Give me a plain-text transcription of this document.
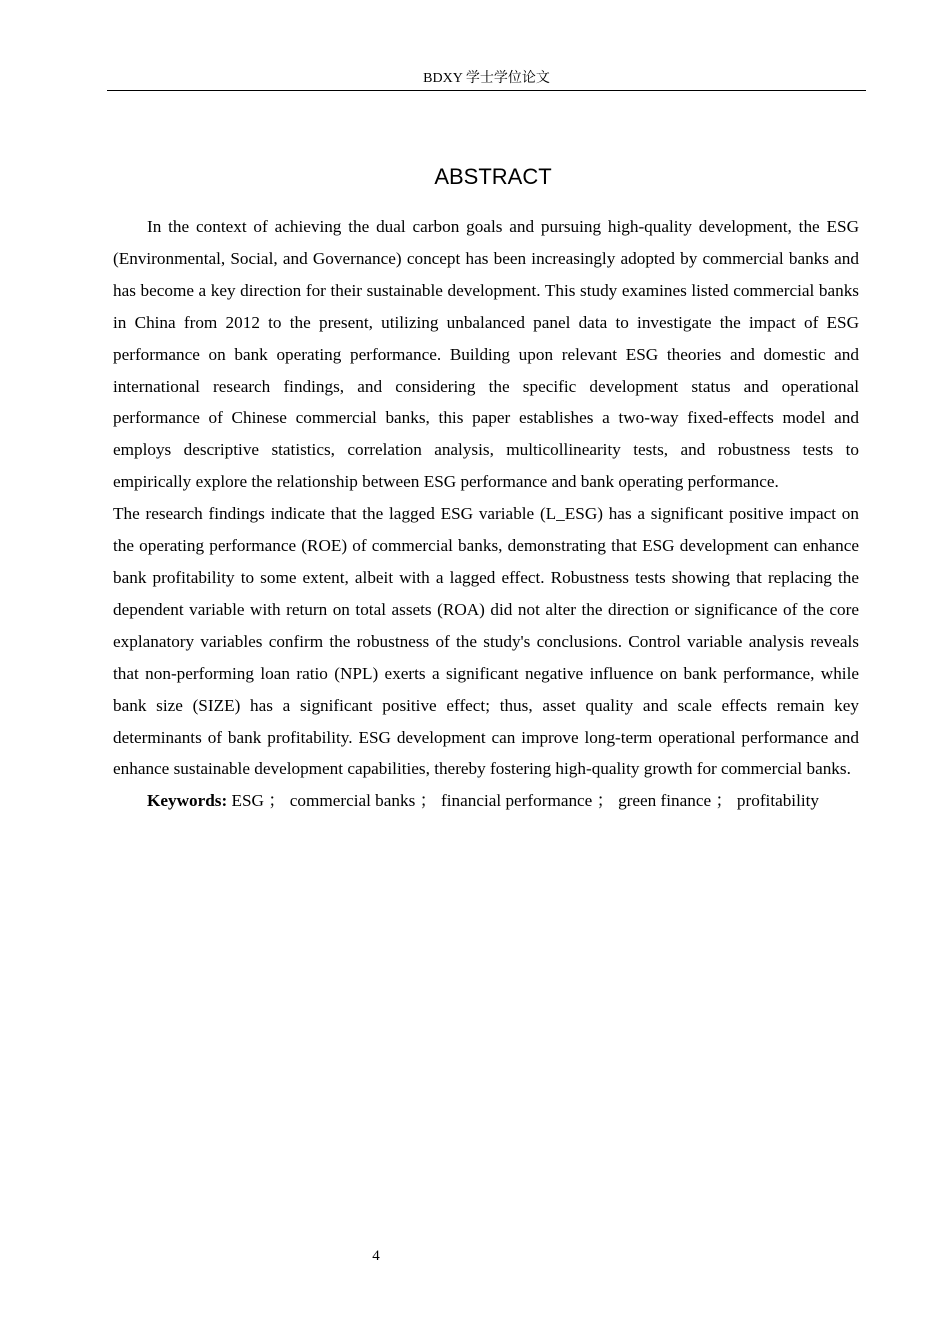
BDXY 学士学位论文
ABSTRACT

In the context of achieving the dual carbon goals and pursuing high-quality development, the ESG (Environmental, Social, and Governance) concept has been increasingly adopted by commercial banks and has become a key direction for their sustainable development. This study examines listed commercial banks in China from 2012 to the present, utilizing unbalanced panel data to investigate the impact of ESG performance on bank operating performance. Building upon relevant ESG theories and domestic and international research findings, and considering the specific development status and operational performance of Chinese commercial banks, this paper establishes a two-way fixed-effects model and employs descriptive statistics, correlation analysis, multicollinearity tests, and robustness tests to empirically explore the relationship between ESG performance and bank operating performance.

The research findings indicate that the lagged ESG variable (L_ESG) has a significant positive impact on the operating performance (ROE) of commercial banks, demonstrating that ESG development can enhance bank profitability to some extent, albeit with a lagged effect. Robustness tests showing that replacing the dependent variable with return on total assets (ROA) did not alter the direction or significance of the core explanatory variables confirm the robustness of the study's conclusions. Control variable analysis reveals that non-performing loan ratio (NPL) exerts a significant negative influence on bank performance, while bank size (SIZE) has a significant positive effect; thus, asset quality and scale effects remain key determinants of bank profitability. ESG development can improve long-term operational performance and enhance sustainable development capabilities, thereby fostering high-quality growth for commercial banks.

Keywords: ESG ； commercial banks ； financial performance ； green finance ； profitability

4
